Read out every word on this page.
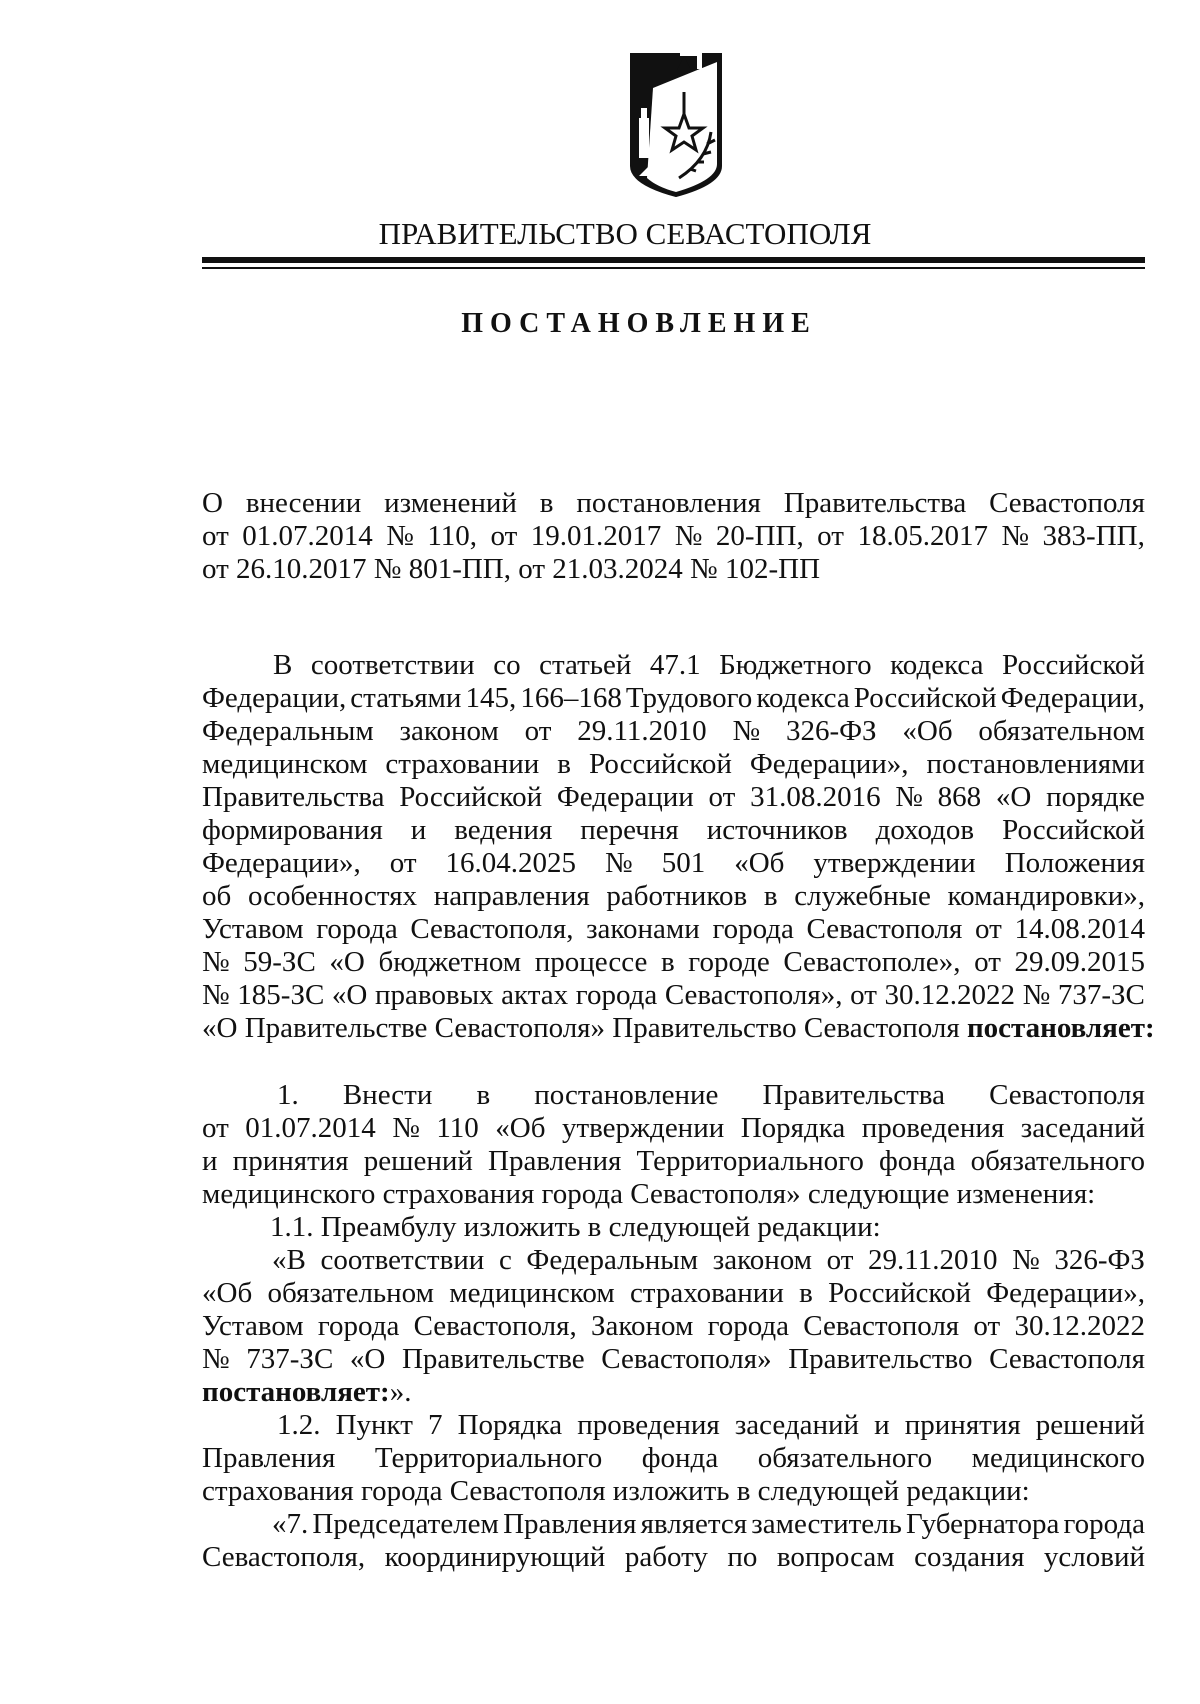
ПРАВИТЕЛЬСТВО СЕВАСТОПОЛЯ
ПОСТАНОВЛЕНИЕ
О внесении изменений в постановления Правительства Севастополя
от 01.07.2014 № 110, от 19.01.2017 № 20-ПП, от 18.05.2017 № 383-ПП,
от 26.10.2017 № 801-ПП, от 21.03.2024 № 102-ПП
В соответствии со статьей 47.1 Бюджетного кодекса Российской
Федерации, статьями 145, 166–168 Трудового кодекса Российской Федерации,
Федеральным законом от 29.11.2010 № 326-ФЗ «Об обязательном
медицинском страховании в Российской Федерации», постановлениями
Правительства Российской Федерации от 31.08.2016 № 868 «О порядке
формирования и ведения перечня источников доходов Российской
Федерации», от 16.04.2025 № 501 «Об утверждении Положения
об особенностях направления работников в служебные командировки»,
Уставом города Севастополя, законами города Севастополя от 14.08.2014
№ 59-ЗС «О бюджетном процессе в городе Севастополе», от 29.09.2015
№ 185-ЗС «О правовых актах города Севастополя», от 30.12.2022 № 737-ЗС
«О Правительстве Севастополя» Правительство Севастополя
постановляет:
1. Внести в постановление Правительства Севастополя
от 01.07.2014 № 110 «Об утверждении Порядка проведения заседаний
и принятия решений Правления Территориального фонда обязательного
медицинского страхования города Севастополя» следующие изменения:
1.1. Преамбулу изложить в следующей редакции:
«В соответствии с Федеральным законом от 29.11.2010 № 326-ФЗ
«Об обязательном медицинском страховании в Российской Федерации»,
Уставом города Севастополя, Законом города Севастополя от 30.12.2022
№ 737-ЗС «О Правительстве Севастополя» Правительство Севастополя
постановляет: ».
1.2. Пункт 7 Порядка проведения заседаний и принятия решений
Правления Территориального фонда обязательного медицинского
страхования города Севастополя изложить в следующей редакции:
«7. Председателем Правления является заместитель Губернатора города
Севастополя, координирующий работу по вопросам создания условий
